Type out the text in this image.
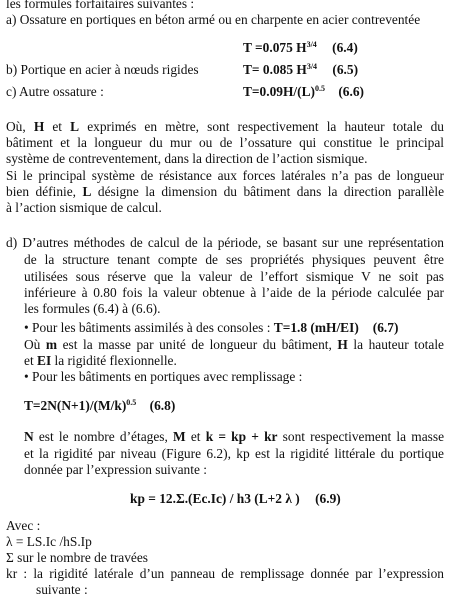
les formules forfaitaires suivantes :
a) Ossature en portiques en béton armé ou en charpente en acier contreventée
T =0.075 $H^{3/4}$ (6.4)
b) Portique en acier à nœuds rigides	T= 0.085 $H^{3/4}$ (6.5)
c) Autre ossature :	$T=0.09H/(L)^{0.5}$ (6.6)
Où, H et L exprimés en mètre, sont respectivement la hauteur totale du
bâtiment et la longueur du mur ou de l’ossature qui constitue le principal
système de contreventement, dans la direction de l’action sismique.
Si le principal système de résistance aux forces latérales n’a pas de longueur
bien définie, L désigne la dimension du bâtiment dans la direction parallèle
à l’action sismique de calcul.
d) D’autres méthodes de calcul de la période, se basant sur une représentation
de la structure tenant compte de ses propriétés physiques peuvent être
utilisées sous réserve que la valeur de l’effort sismique V ne soit pas
inférieure à 0.80 fois la valeur obtenue à l’aide de la période calculée par
les formules (6.4) à (6.6).
• Pour les bâtiments assimilés à des consoles : T=1.8 (mH/EI) (6.7)
Où m est la masse par unité de longueur du bâtiment, H la hauteur totale
et EI la rigidité flexionnelle.
• Pour les bâtiments en portiques avec remplissage :
$T=2N(N+1)/(M/k)^{0.5}$ (6.8)
N est le nombre d’étages, M et k = kp + kr sont respectivement la masse
et la rigidité par niveau (Figure 6.2), kp est la rigidité littérale du portique
donnée par l’expression suivante :
kp = 12.Σ.(Ec.Ic) / h3 (L+2 λ ) (6.9)
Avec :
λ = LS.Ic /hS.Ip
Σ sur le nombre de travées
kr : la rigidité latérale d’un panneau de remplissage donnée par l’expression
suivante :
